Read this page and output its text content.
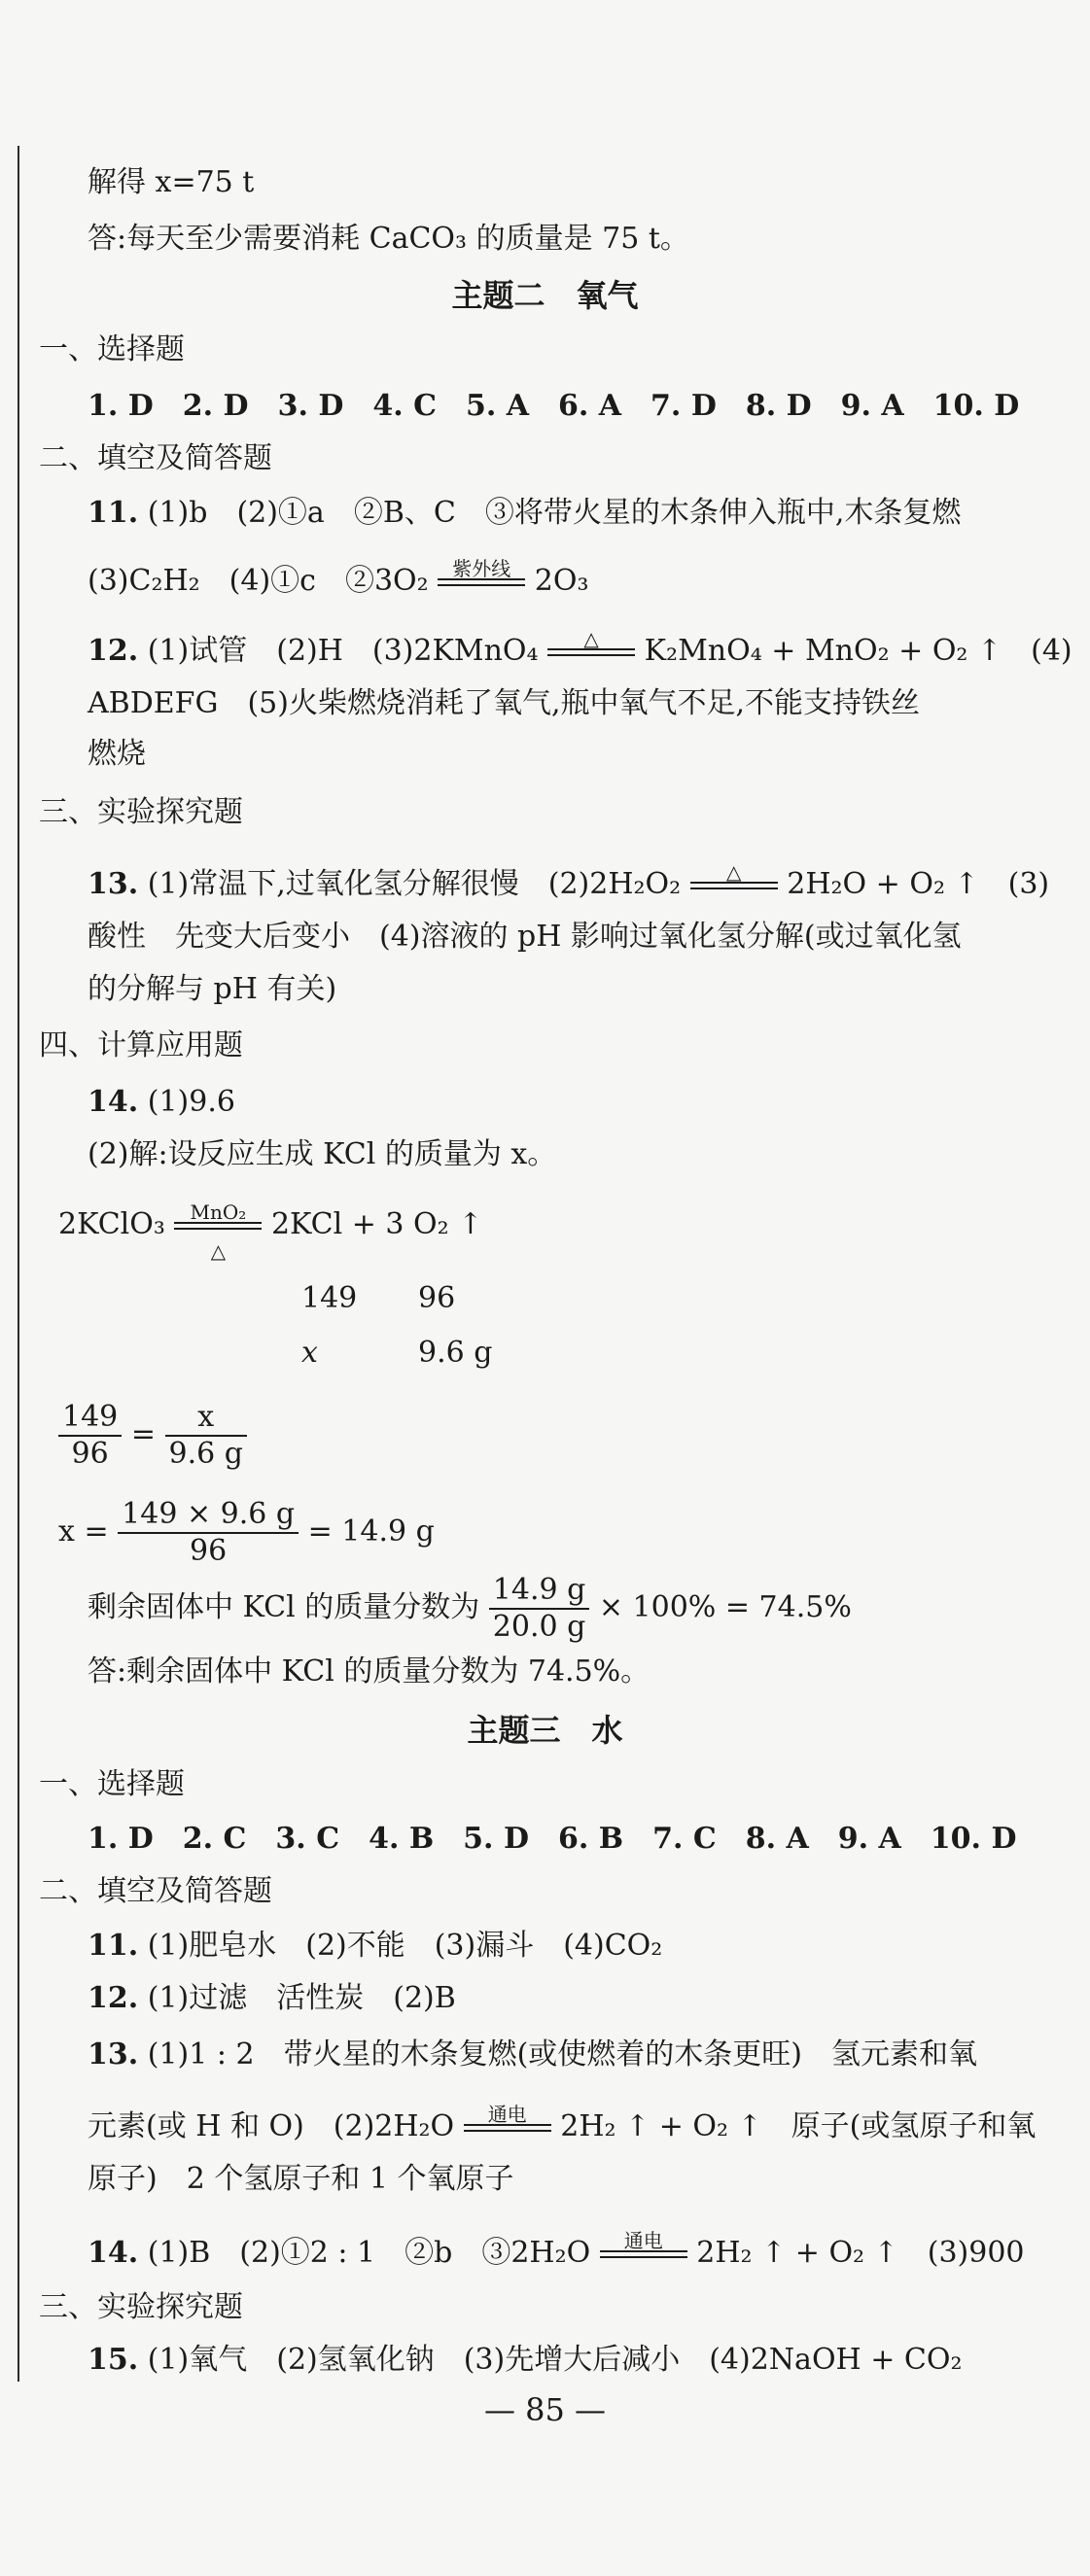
解得 x=75 t
答:每天至少需要消耗 CaCO₃ 的质量是 75 t。
主题二　氧气
一、选择题
1. D　2. D　3. D　4. C　5. A　6. A　7. D　8. D　9. A　10. D
二、填空及简答题
11. (1)b　(2)①a　②B、C　③将带火星的木条伸入瓶中,木条复燃
(3)C₂H₂　(4)①c　②3O₂	紫外线 2O₃
12. (1)试管　(2)H　(3)2KMnO₄	△	K₂MnO₄ + MnO₂ + O₂ ↑　(4)
ABDEFG　(5)火柴燃烧消耗了氧气,瓶中氧气不足,不能支持铁丝
燃烧
三、实验探究题
13. (1)常温下,过氧化氢分解很慢　(2)2H₂O₂	△	2H₂O + O₂ ↑　(3)
酸性　先变大后变小　(4)溶液的 pH 影响过氧化氢分解(或过氧化氢
的分解与 pH 有关)
四、计算应用题
14. (1)9.6
(2)解:设反应生成 KCl 的质量为 x。
2KClO₃	MnO₂
△
2KCl + 3 O₂ ↑
149 96
x	9.6 g
$\frac{149}{96} = \frac{x}{9.6 g}$
$x = \frac{149 \times 9.6 g}{96} = 14.9$ g
剩余固体中 KCl 的质量分数为 $\frac{14.9 g}{20.0 g} \times 100\% = 74.5\%$
答:剩余固体中 KCl 的质量分数为 74.5%。
主题三　水
一、选择题
1. D　2. C　3. C　4. B　5. D　6. B　7. C　8. A　9. A　10. D
二、填空及简答题
11. (1)肥皂水　(2)不能　(3)漏斗　(4)CO₂
12. (1)过滤　活性炭　(2)B
13. (1)1 : 2　带火星的木条复燃(或使燃着的木条更旺)　氢元素和氧
元素(或 H 和 O)　(2)2H₂O	通电	2H₂ ↑ + O₂ ↑　原子(或氢原子和氧
原子)　2 个氢原子和 1 个氧原子
14. (1)B　(2)①2 : 1　②b　③2H₂O	通电	2H₂ ↑ + O₂ ↑　(3)900
三、实验探究题
15. (1)氧气　(2)氢氧化钠　(3)先增大后减小　(4)2NaOH + CO₂
— 85 —
